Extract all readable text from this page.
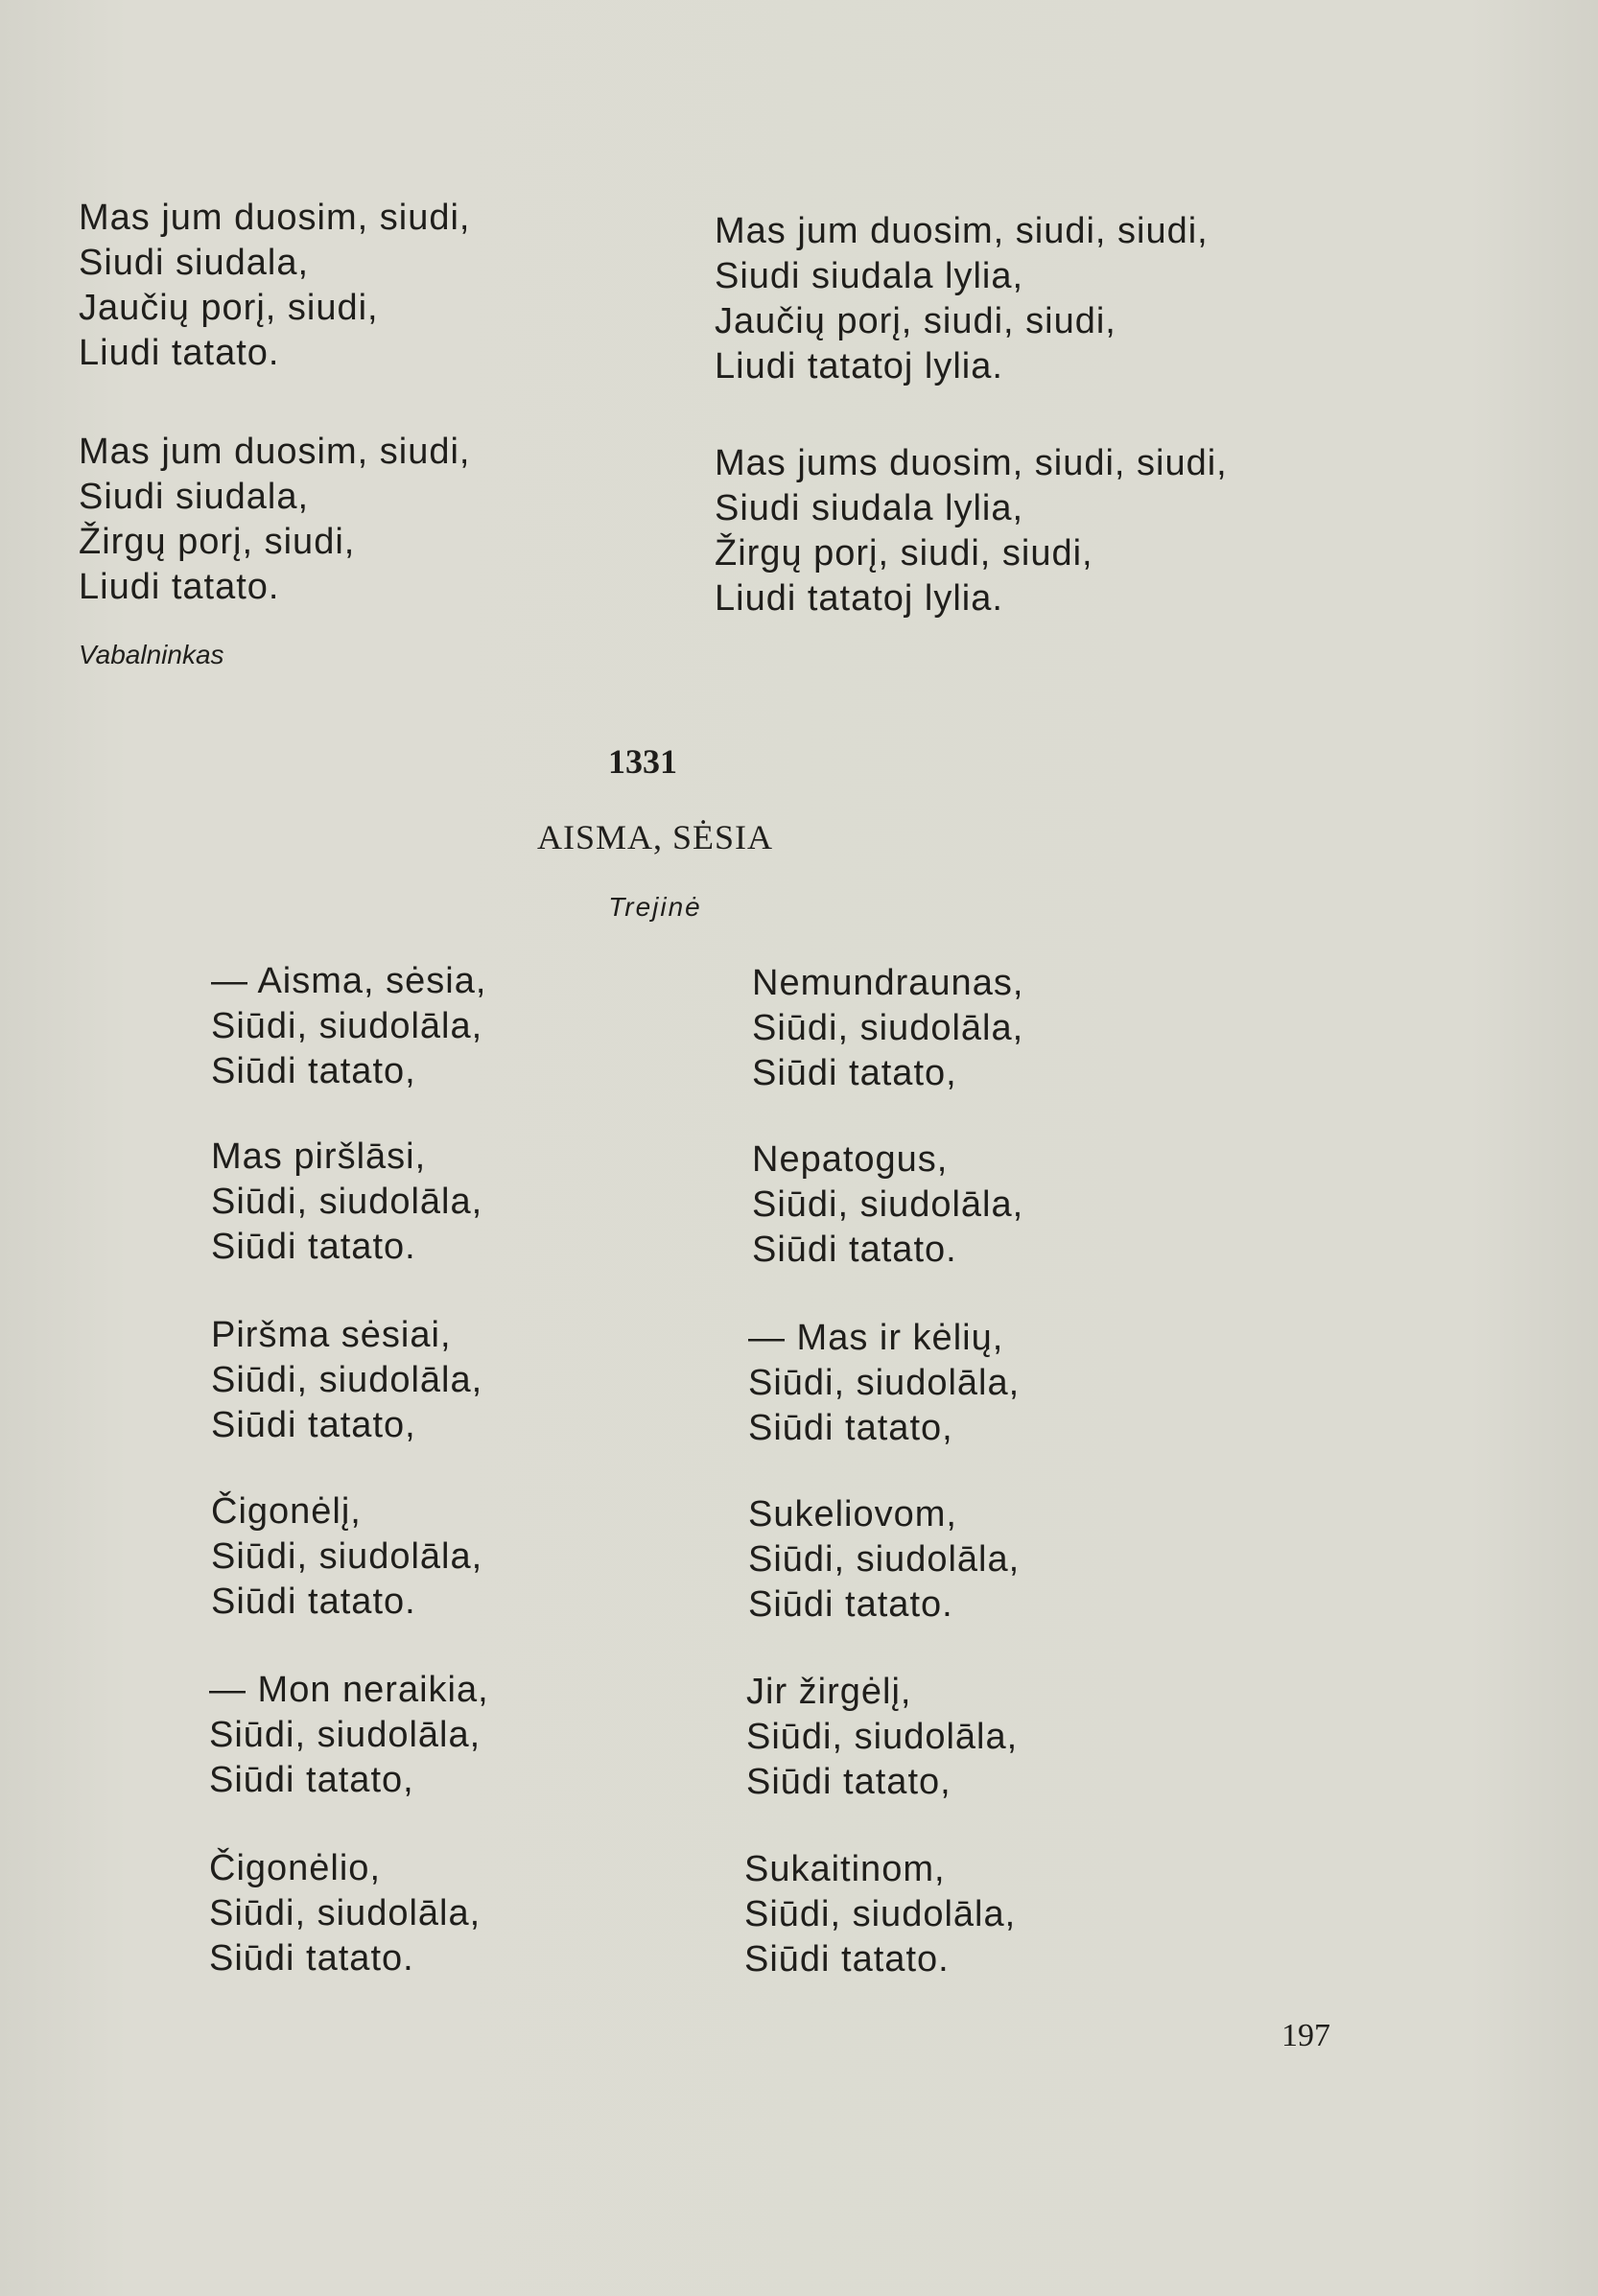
Mas jum duosim, siudi,
Siudi siudala,
Jaučių porį, siudi,
Liudi tatato.
Mas jum duosim, siudi,
Siudi siudala,
Žirgų porį, siudi,
Liudi tatato.
Mas jum duosim, siudi, siudi,
Siudi siudala lylia,
Jaučių porį, siudi, siudi,
Liudi tatatoj lylia.
Mas jums duosim, siudi, siudi,
Siudi siudala lylia,
Žirgų porį, siudi, siudi,
Liudi tatatoj lylia.
Vabalninkas
1331
AISMA, SĖSIA
Trejinė
— Aisma, sėsia,
Siūdi, siudolāla,
Siūdi tatato,
Mas piršlāsi,
Siūdi, siudolāla,
Siūdi tatato.
Piršma sėsiai,
Siūdi, siudolāla,
Siūdi tatato,
Čigonėlį,
Siūdi, siudolāla,
Siūdi tatato.
— Mon neraikia,
Siūdi, siudolāla,
Siūdi tatato,
Čigonėlio,
Siūdi, siudolāla,
Siūdi tatato.
Nemundraunas,
Siūdi, siudolāla,
Siūdi tatato,
Nepatogus,
Siūdi, siudolāla,
Siūdi tatato.
— Mas ir kėlių,
Siūdi, siudolāla,
Siūdi tatato,
Sukeliovom,
Siūdi, siudolāla,
Siūdi tatato.
Jir žirgėlį,
Siūdi, siudolāla,
Siūdi tatato,
Sukaitinom,
Siūdi, siudolāla,
Siūdi tatato.
197
